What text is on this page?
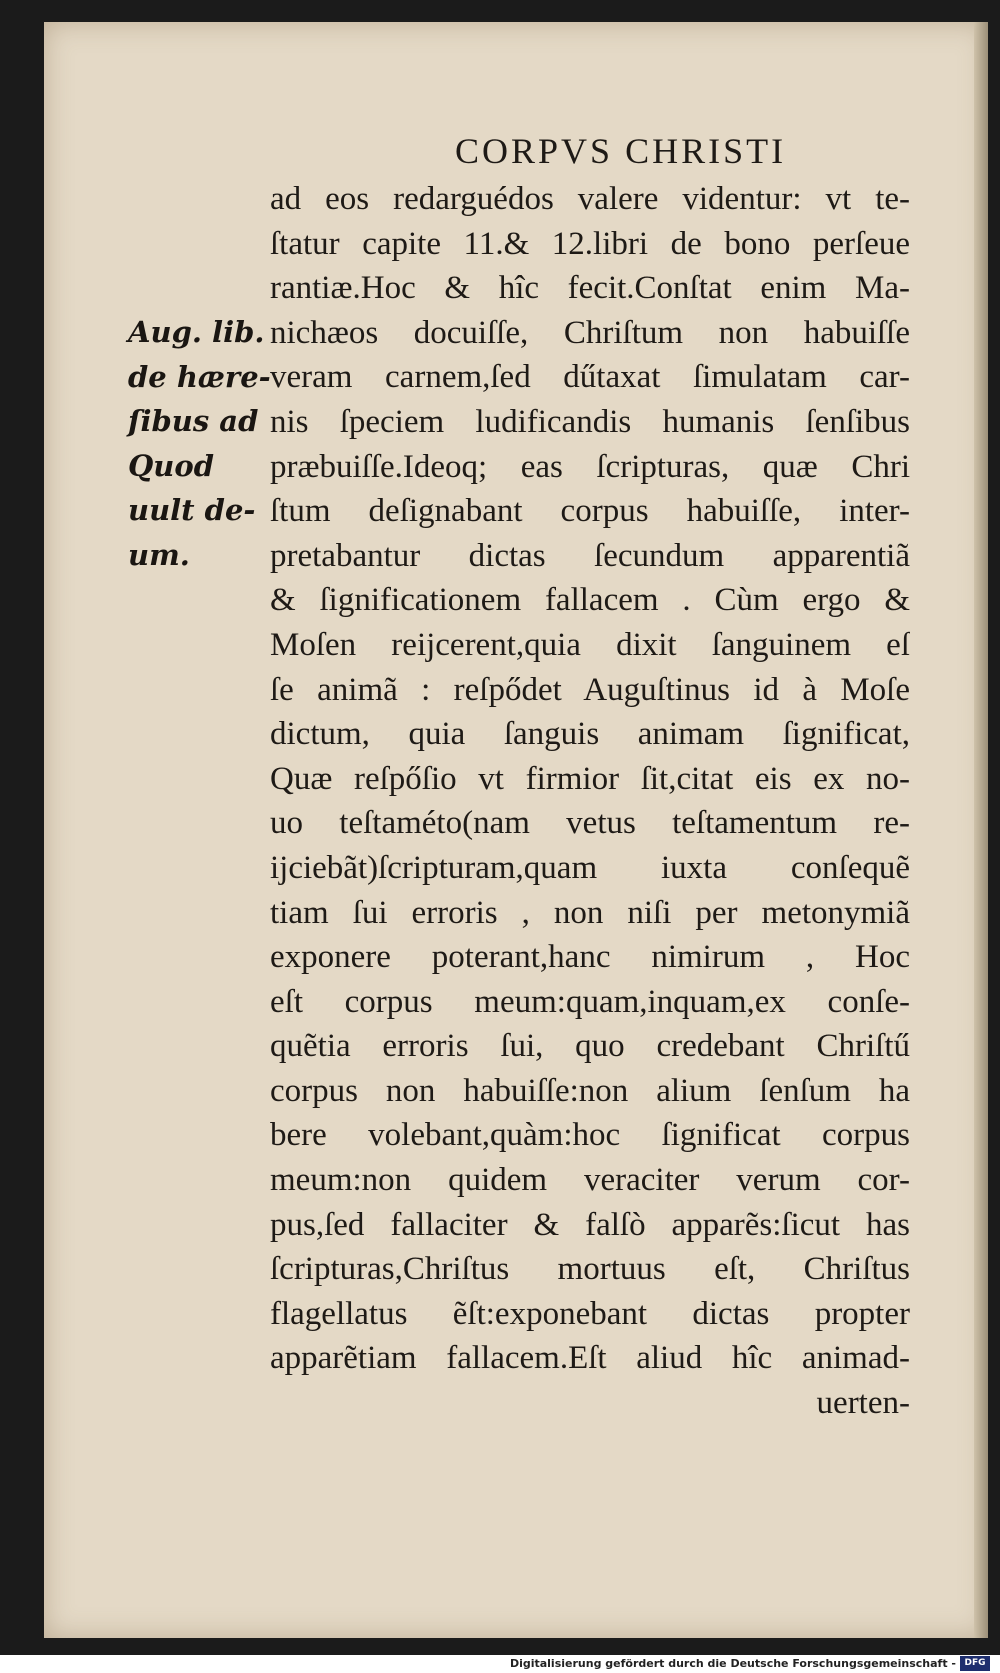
CORPVS CHRISTI
Aug. lib.
de hære-
ſibus ad
Quod
uult de-
um.
ad eos redarguédos valere videntur: vt te-
ſtatur capite 11.& 12.libri de bono perſeue
rantiæ.Hoc & hîc fecit.Conſtat enim Ma-
nichæos docuiſſe, Chriſtum non habuiſſe
veram carnem,ſed dűtaxat ſimulatam car-
nis ſpeciem ludificandis humanis ſenſibus
præbuiſſe.Ideoq; eas ſcripturas, quæ Chri
ſtum deſignabant corpus habuiſſe, inter-
pretabantur dictas ſecundum apparentiã
& ſignificationem fallacem . Cùm ergo &
Moſen reijcerent,quia dixit ſanguinem eſ
ſe animã : reſpődet Auguſtinus id à Moſe
dictum, quia ſanguis animam ſignificat,
Quæ reſpőſio vt firmior ſit,citat eis ex no-
uo teſtaméto(nam vetus teſtamentum re-
ijciebãt)ſcripturam,quam iuxta conſequẽ
tiam ſui erroris , non niſi per metonymiã
exponere poterant,hanc nimirum , Hoc
eſt corpus meum:quam,inquam,ex conſe-
quẽtia erroris ſui, quo credebant Chriſtű
corpus non habuiſſe:non alium ſenſum ha
bere volebant,quàm:hoc ſignificat corpus
meum:non quidem veraciter verum cor-
pus,ſed fallaciter & falſò apparẽs:ſicut has
ſcripturas,Chriſtus mortuus eſt, Chriſtus
flagellatus ẽſt:exponebant dictas propter
apparẽtiam fallacem.Eſt aliud hîc animad-
uerten-
Digitalisierung gefördert durch die Deutsche Forschungsgemeinschaft - DFG
